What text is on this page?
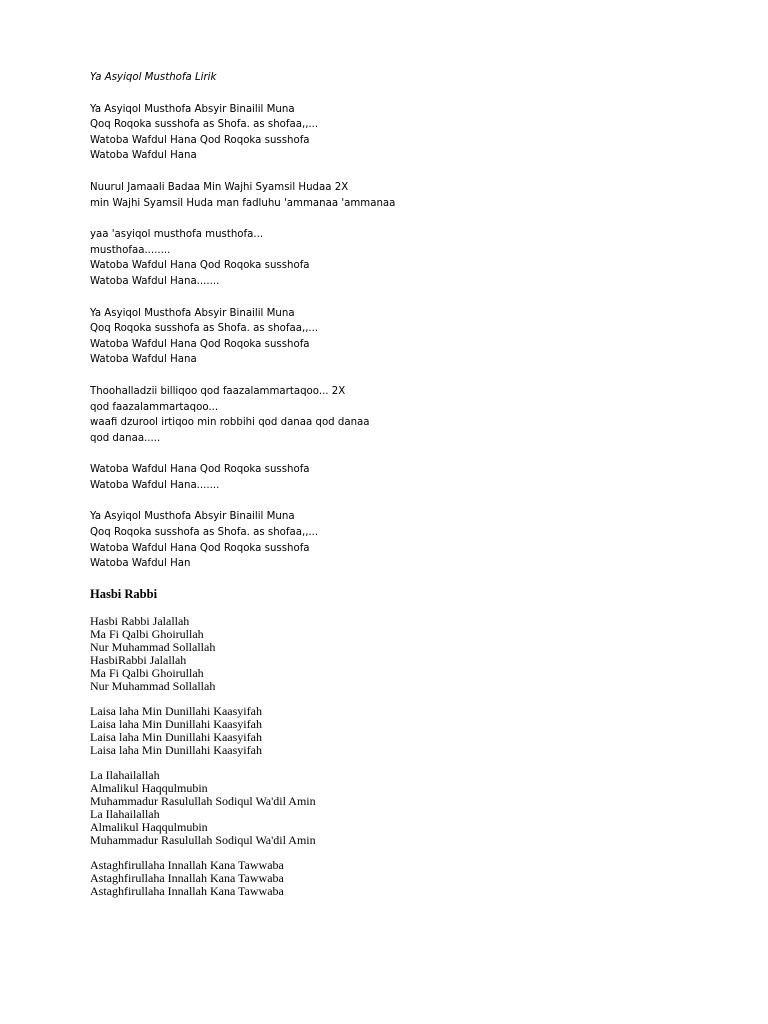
Ya Asyiqol Musthofa Lirik
Ya Asyiqol Musthofa Absyir Binailil Muna
Qoq Roqoka susshofa as Shofa. as shofaa,,...
Watoba Wafdul Hana Qod Roqoka susshofa
Watoba Wafdul Hana
Nuurul Jamaali Badaa Min Wajhi Syamsil Hudaa 2X
min Wajhi Syamsil Huda man fadluhu 'ammanaa 'ammanaa
yaa 'asyiqol musthofa musthofa...
musthofaa........
Watoba Wafdul Hana Qod Roqoka susshofa
Watoba Wafdul Hana.......
Ya Asyiqol Musthofa Absyir Binailil Muna
Qoq Roqoka susshofa as Shofa. as shofaa,,...
Watoba Wafdul Hana Qod Roqoka susshofa
Watoba Wafdul Hana
Thoohalladzii billiqoo qod faazalammartaqoo... 2X
qod faazalammartaqoo...
waafi dzurool irtiqoo min robbihi qod danaa qod danaa
qod danaa.....
Watoba Wafdul Hana Qod Roqoka susshofa
Watoba Wafdul Hana.......
Ya Asyiqol Musthofa Absyir Binailil Muna
Qoq Roqoka susshofa as Shofa. as shofaa,,...
Watoba Wafdul Hana Qod Roqoka susshofa
Watoba Wafdul Han
Hasbi Rabbi
Hasbi Rabbi Jalallah
Ma Fi Qalbi Ghoirullah
Nur Muhammad Sollallah
HasbiRabbi Jalallah
Ma Fi Qalbi Ghoirullah
Nur Muhammad Sollallah
Laisa laha Min Dunillahi Kaasyifah
Laisa laha Min Dunillahi Kaasyifah
Laisa laha Min Dunillahi Kaasyifah
Laisa laha Min Dunillahi Kaasyifah
La Ilahailallah
Almalikul Haqqulmubin
Muhammadur Rasulullah Sodiqul Wa'dil Amin
La Ilahailallah
Almalikul Haqqulmubin
Muhammadur Rasulullah Sodiqul Wa'dil Amin
Astaghfirullaha Innallah Kana Tawwaba
Astaghfirullaha Innallah Kana Tawwaba
Astaghfirullaha Innallah Kana Tawwaba
